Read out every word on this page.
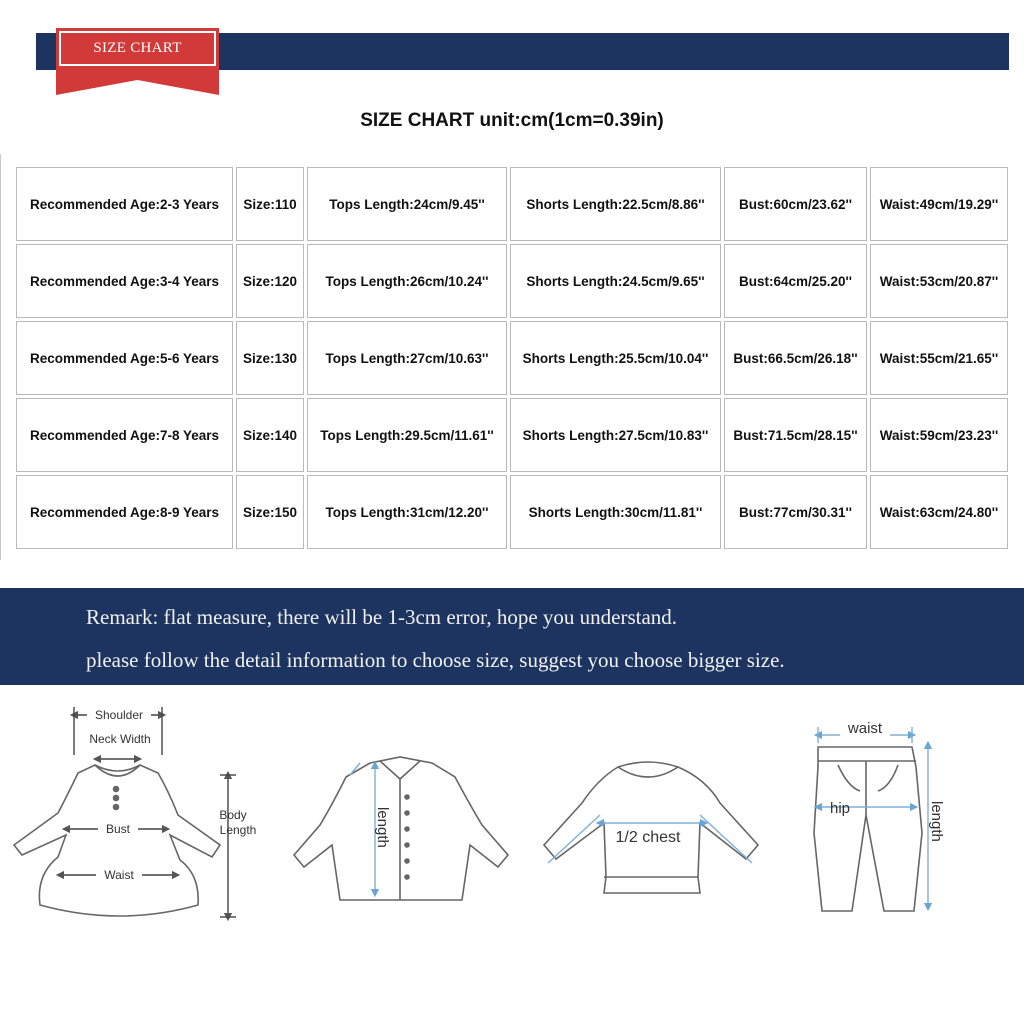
SIZE CHART
SIZE CHART unit:cm(1cm=0.39in)
Recommended Age:2-3 Years	Size:110	Tops Length:24cm/9.45''	Shorts Length:22.5cm/8.86''	Bust:60cm/23.62''	Waist:49cm/19.29''
Recommended Age:3-4 Years	Size:120	Tops Length:26cm/10.24''	Shorts Length:24.5cm/9.65''	Bust:64cm/25.20''	Waist:53cm/20.87''
Recommended Age:5-6 Years	Size:130	Tops Length:27cm/10.63''	Shorts Length:25.5cm/10.04''	Bust:66.5cm/26.18''	Waist:55cm/21.65''
Recommended Age:7-8 Years	Size:140	Tops Length:29.5cm/11.61''	Shorts Length:27.5cm/10.83''	Bust:71.5cm/28.15''	Waist:59cm/23.23''
Recommended Age:8-9 Years	Size:150	Tops Length:31cm/12.20''	Shorts Length:30cm/11.81''	Bust:77cm/30.31''	Waist:63cm/24.80''
Remark: flat measure, there will be 1-3cm error, hope you understand.
please follow the detail information to choose size, suggest you choose bigger size.
Shoulder
Neck Width
Bust
Waist
Body
Length	length	1/2 chest
waist
hip	length
